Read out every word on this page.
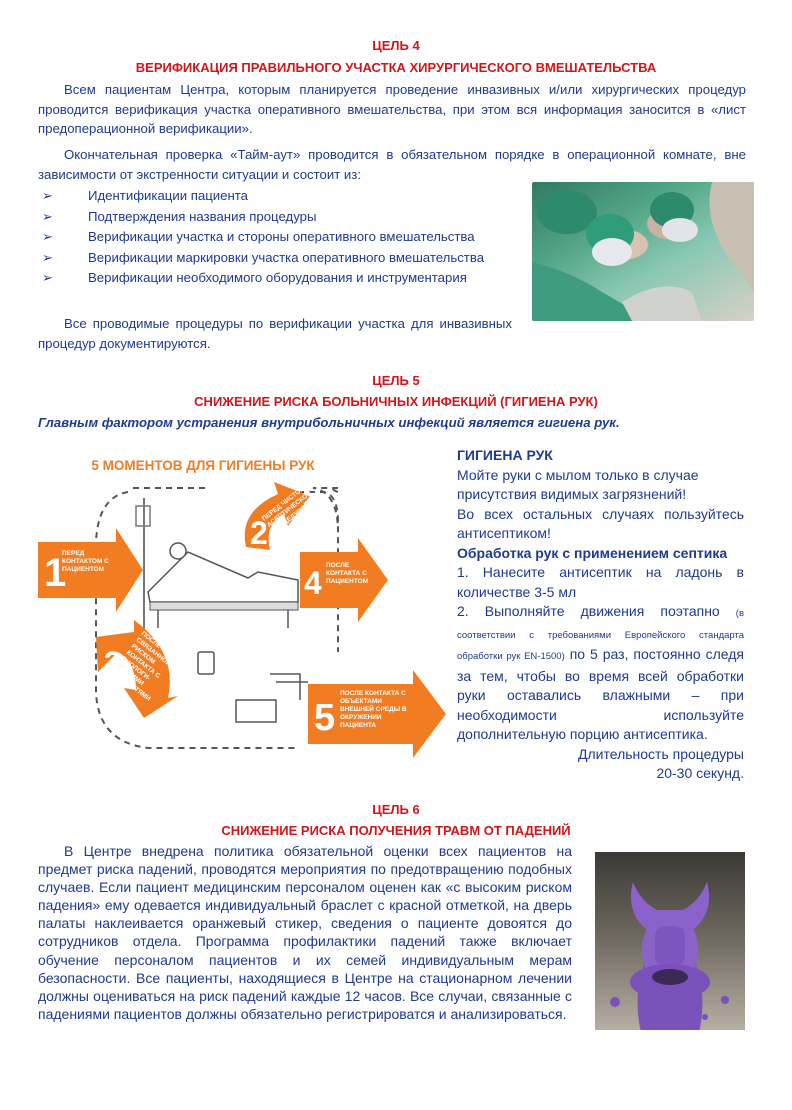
ЦЕЛЬ 4
ВЕРИФИКАЦИЯ ПРАВИЛЬНОГО УЧАСТКА ХИРУРГИЧЕСКОГО ВМЕШАТЕЛЬСТВА
Всем пациентам Центра, которым планируется проведение инвазивных и/или хирургических процедур проводится верификация участка оперативного вмешательства, при этом вся информация заносится в «лист предоперационной верификации».
Окончательная проверка «Тайм-аут» проводится в обязательном порядке в операционной комнате, вне зависимости от экстренности ситуации и состоит из:
➢	Идентификации пациента
➢	Подтверждения названия процедуры
➢	Верификации участка и стороны оперативного вмешательства
➢	Верификации маркировки участка оперативного вмешательства
➢	Верификации необходимого оборудования и инструментария
Все проводимые процедуры по верификации участка для инвазивных процедур документируются.
ЦЕЛЬ 5
СНИЖЕНИЕ РИСКА БОЛЬНИЧНЫХ ИНФЕКЦИЙ (ГИГИЕНА РУК)
Главным фактором устранения внутрибольничных инфекций является гигиена рук.
5 МОМЕНТОВ ДЛЯ ГИГИЕНЫ РУК
1
2
3
4
5
ПЕРЕД КОНТАКТОМ С ПАЦИЕНТОМ
ПЕРЕД ЧИСТОЙ/ АСЕПТИЧЕСКОЙ ПРОЦЕДУРОЙ
ПОСЛЕ СИТУАЦИИ, СВЯЗАННОЙ С РИСКОМ КОНТАКТА С БИОЛОГИ- ЧЕСКИМИ ЖИДКОСТЯМИ
ПОСЛЕ КОНТАКТА С ПАЦИЕНТОМ
ПОСЛЕ КОНТАКТА С ОБЪЕКТАМИ ВНЕШНЕЙ СРЕДЫ В ОКРУЖЕНИИ ПАЦИЕНТА
ГИГИЕНА РУК
Мойте руки с мылом только в случае присутствия видимых загрязнений!
Во всех остальных случаях пользуйтесь антисептиком!
Обработка рук с применением септика
1. Нанесите антисептик на ладонь в количестве 3-5 мл
2. Выполняйте движения поэтапно (в соответствии с требованиями Европейского стандарта обработки рук EN-1500) по 5 раз, постоянно следя за тем, чтобы во время всей обработки руки оставались влажными – при необходимости используйте дополнительную порцию антисептика.
Длительность процедуры
20-30 секунд.
ЦЕЛЬ 6
СНИЖЕНИЕ РИСКА ПОЛУЧЕНИЯ ТРАВМ ОТ ПАДЕНИЙ
В Центре внедрена политика обязательной оценки всех пациентов на предмет риска падений, проводятся мероприятия по предотвращению подобных случаев. Если пациент медицинским персоналом оценен как «с высоким риском падения» ему одевается индивидуальный браслет с красной отметкой, на дверь палаты наклеивается оранжевый стикер, сведения о пациенте довоятся до сотрудников отдела. Программа профилактики падений также включает обучение персоналом пациентов и их семей индивидуальным мерам безопасности. Все пациенты, находящиеся в Центре на стационарном лечении должны оцениваться на риск падений каждые 12 часов. Все случаи, связанные с падениями пациентов должны обязательно регистрироватся и анализироваться.
